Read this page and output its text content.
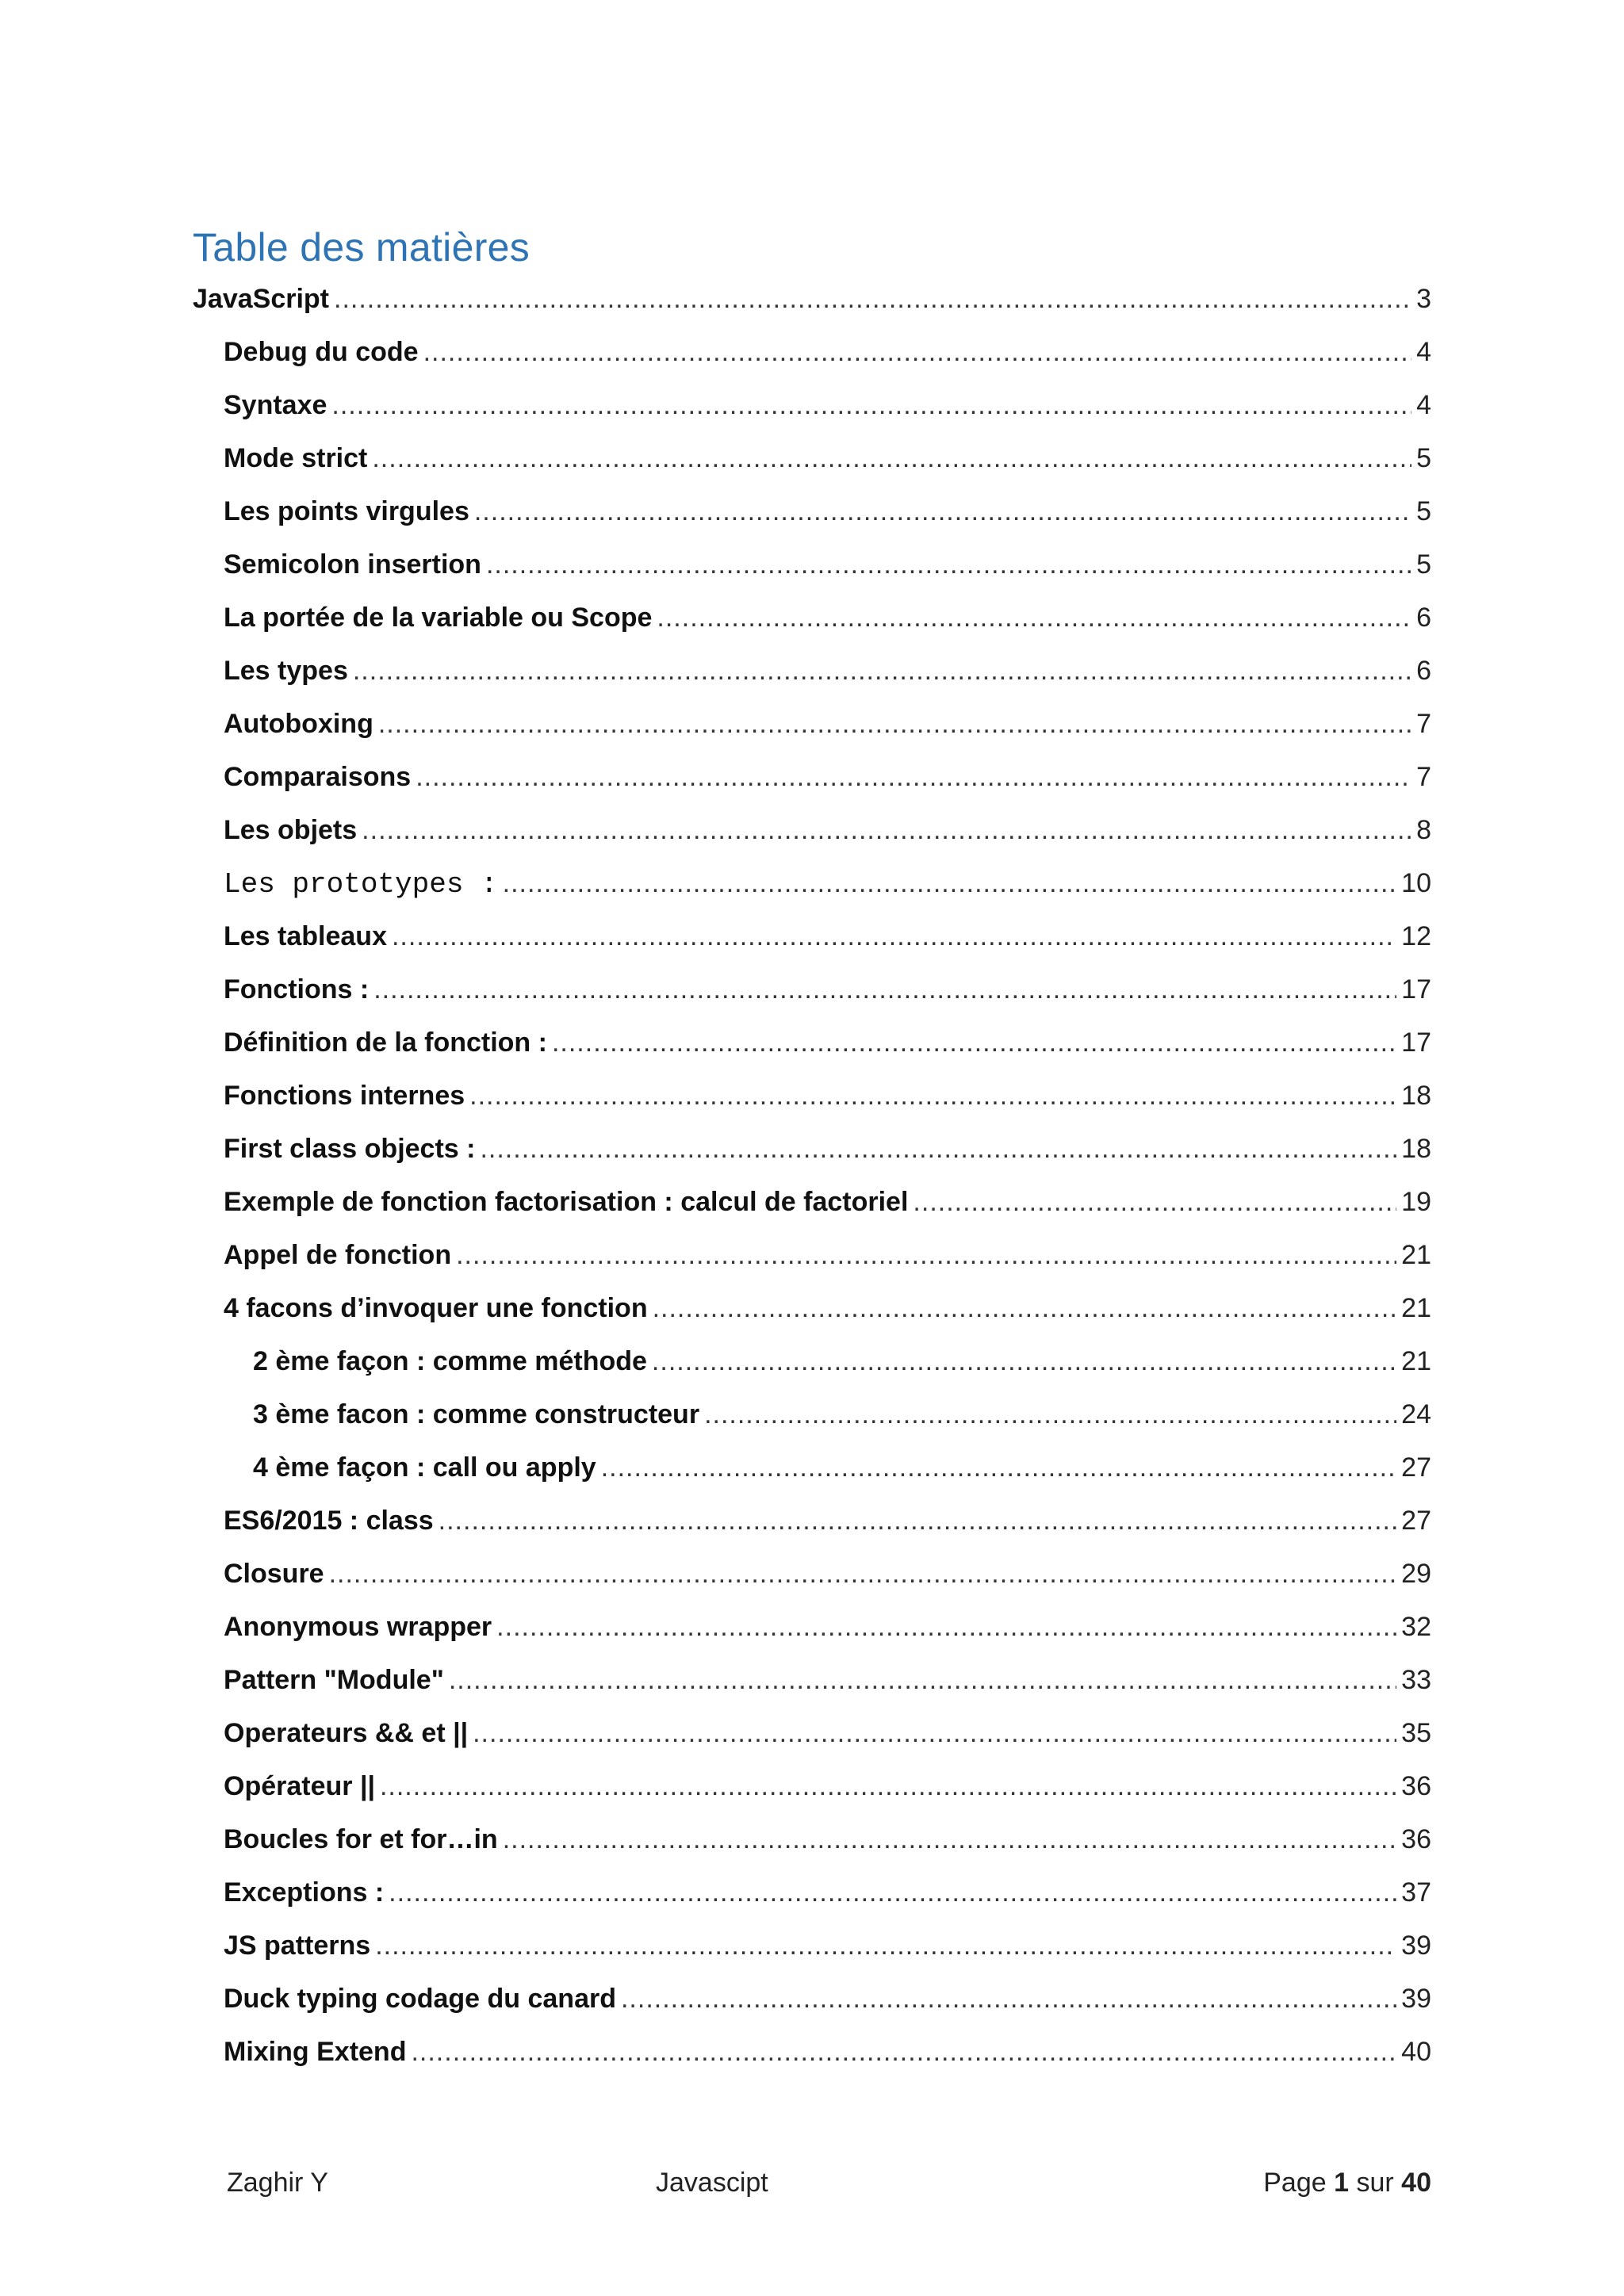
Table des matières
JavaScript .....	3
Debug du code .....	4
Syntaxe .....	4
Mode strict .....	5
Les points virgules .....	5
Semicolon insertion .....	5
La portée de la variable ou Scope .....	6
Les types .....	6
Autoboxing .....	7
Comparaisons .....	7
Les objets .....	8
Les prototypes : .....	10
Les tableaux .....	12
Fonctions : .....	17
Définition de la fonction : .....	17
Fonctions internes .....	18
First class objects : .....	18
Exemple de fonction factorisation : calcul de factoriel .....	19
Appel de fonction .....	21
4 facons d’invoquer une fonction .....	21
2 ème façon : comme méthode .....	21
3 ème facon : comme constructeur .....	24
4 ème façon : call ou apply .....	27
ES6/2015 : class .....	27
Closure .....	29
Anonymous wrapper .....	32
Pattern "Module" .....	33
Operateurs && et || .....	35
Opérateur || .....	36
Boucles for et for…in .....	36
Exceptions : .....	37
JS patterns .....	39
Duck typing codage du canard .....	39
Mixing Extend .....	40
Zaghir Y	Javascipt	Page 1 sur 40
